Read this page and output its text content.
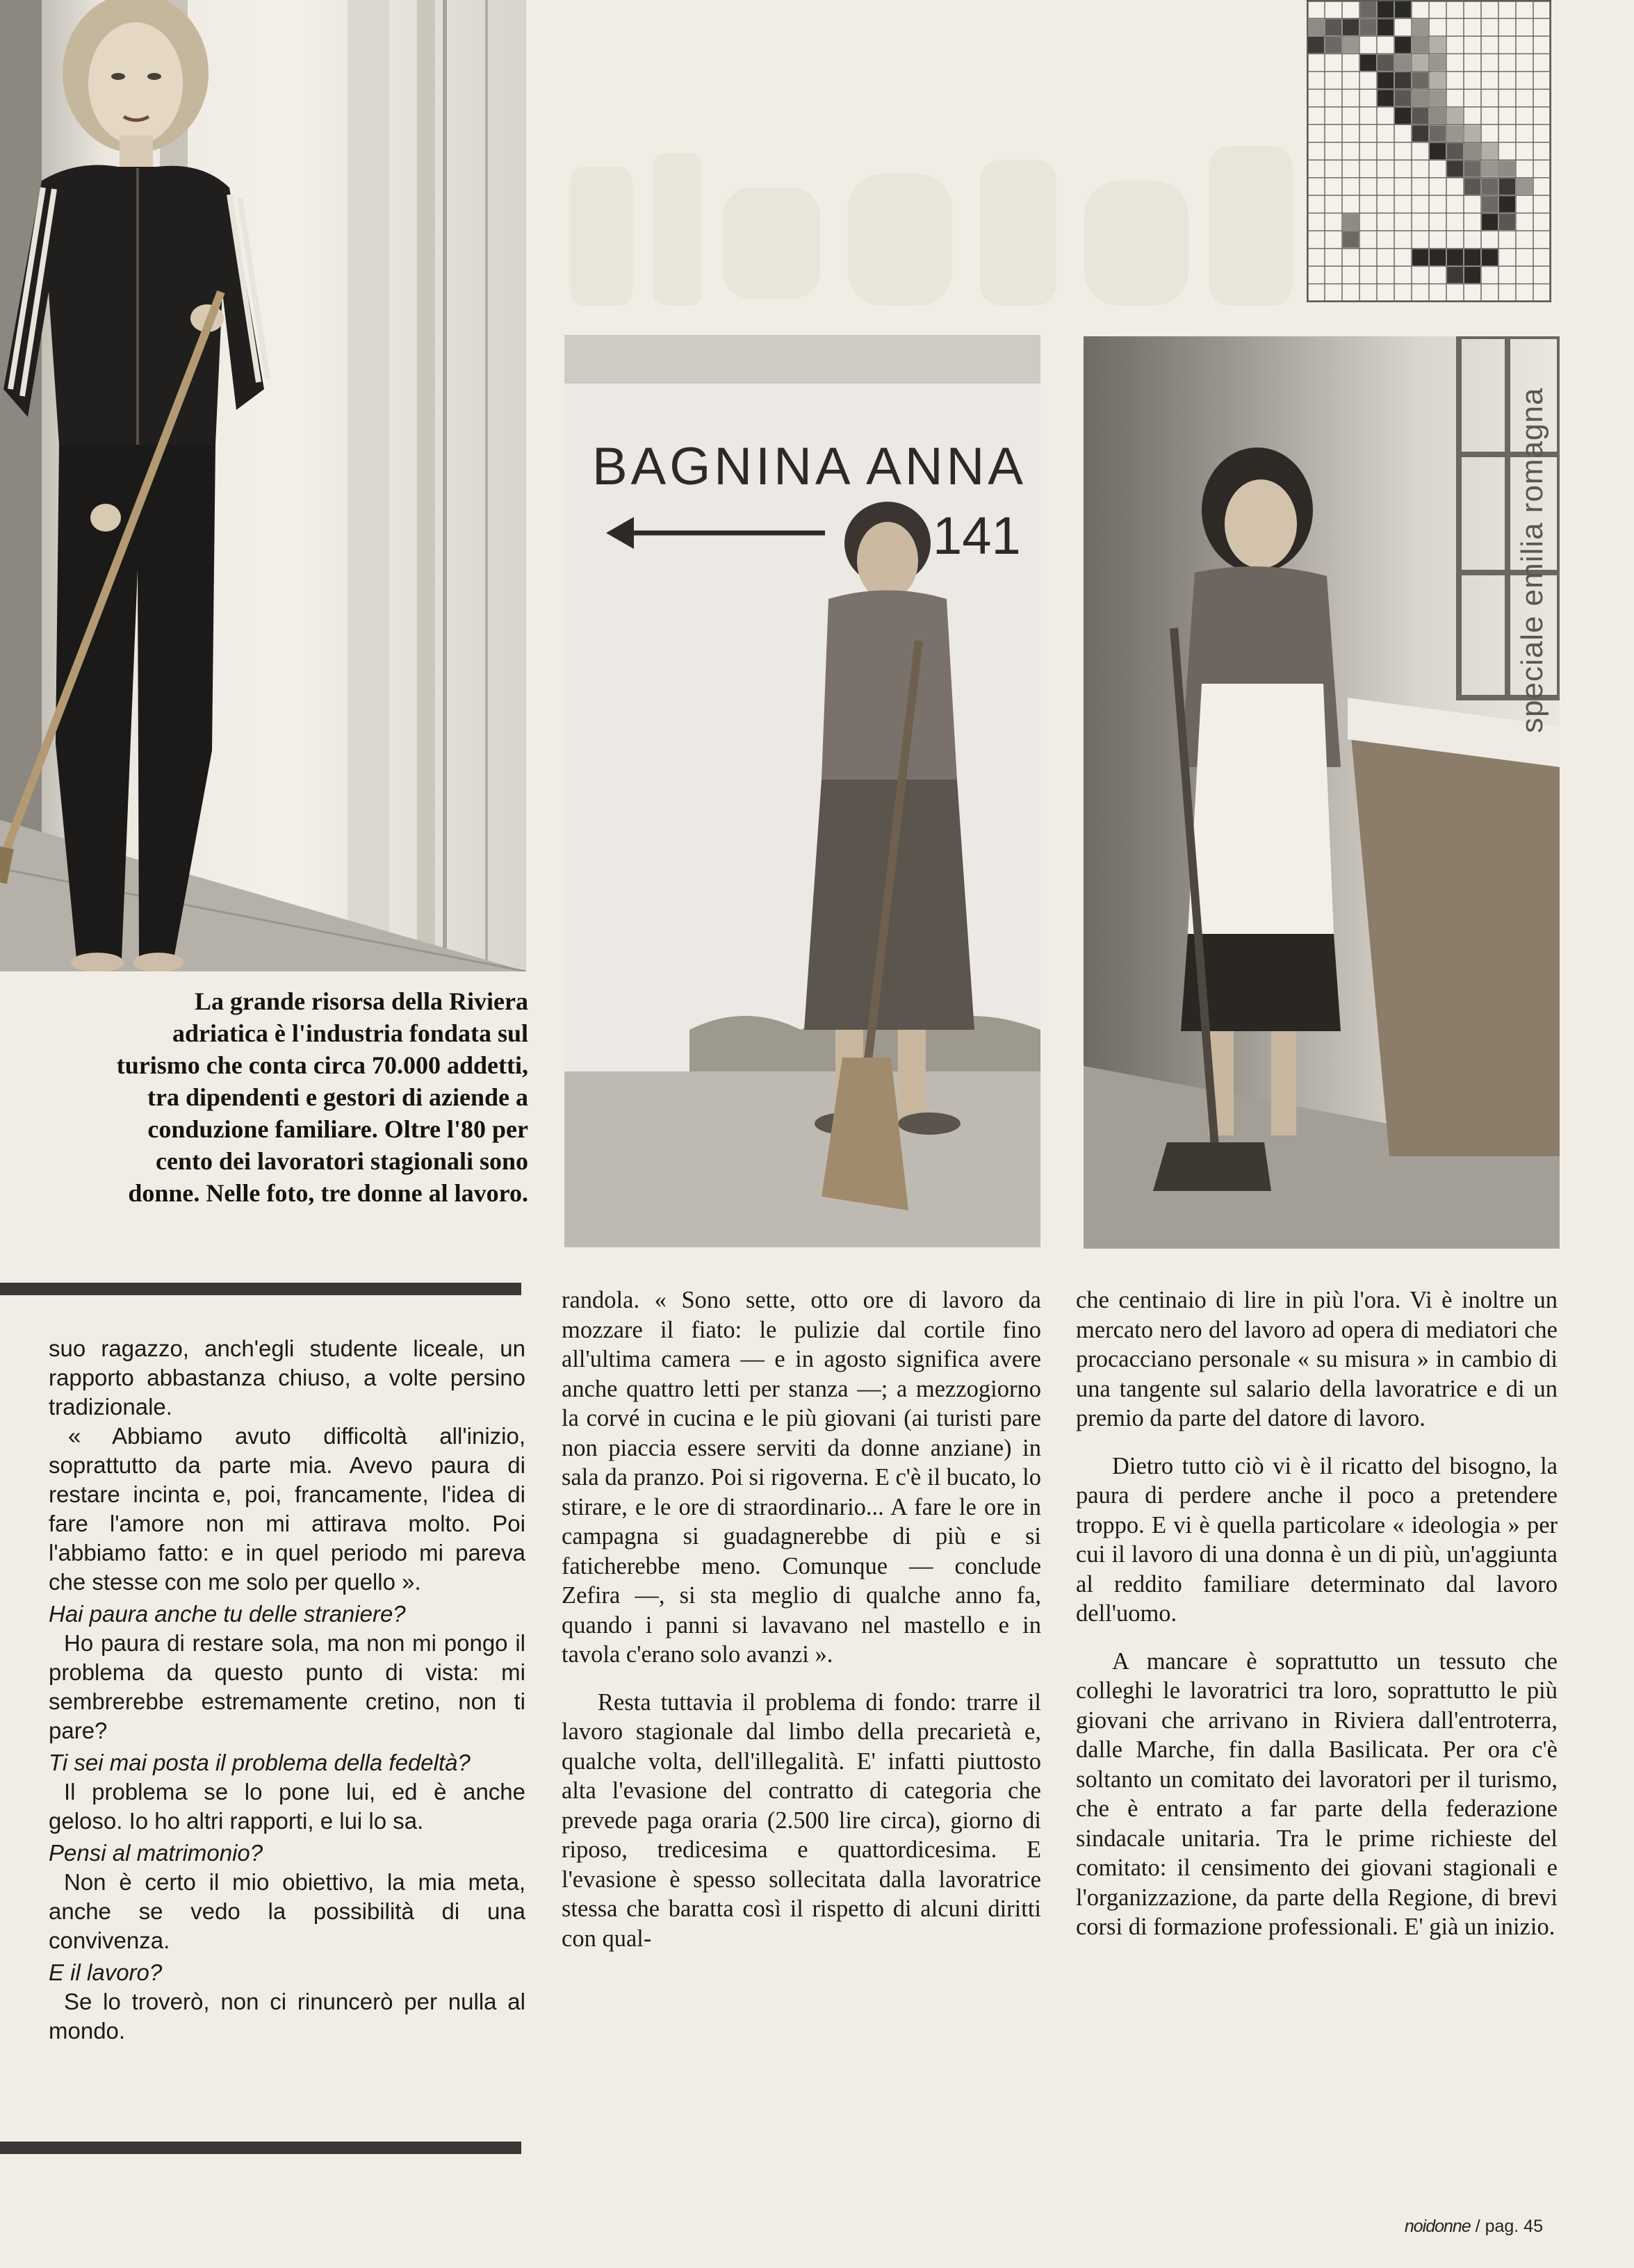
BAGNINA ANNA
141	speciale emilia romagna

La grande risorsa della Riviera adriatica è l'industria fondata sul turismo che conta circa 70.000 addetti, tra dipendenti e gestori di aziende a conduzione familiare. Oltre l'80 per cento dei lavoratori stagionali sono donne. Nelle foto, tre donne al lavoro.

suo ragazzo, anch'egli studente liceale, un rapporto abbastanza chiuso, a volte persino tradizionale.

« Abbiamo avuto difficoltà all'inizio, soprattutto da parte mia. Avevo paura di restare incinta e, poi, francamente, l'idea di fare l'amore non mi attirava molto. Poi l'abbiamo fatto: e in quel periodo mi pareva che stesse con me solo per quello ».

Hai paura anche tu delle straniere?

Ho paura di restare sola, ma non mi pongo il problema da questo punto di vista: mi sembrerebbe estremamente cretino, non ti pare?

Ti sei mai posta il problema della fedeltà?

Il problema se lo pone lui, ed è anche geloso. Io ho altri rapporti, e lui lo sa.

Pensi al matrimonio?

Non è certo il mio obiettivo, la mia meta, anche se vedo la possibilità di una convivenza.

E il lavoro?

Se lo troverò, non ci rinuncerò per nulla al mondo.

randola. « Sono sette, otto ore di lavoro da mozzare il fiato: le pulizie dal cortile fino all'ultima camera — e in agosto significa avere anche quattro letti per stanza —; a mezzogiorno la corvé in cucina e le più giovani (ai turisti pare non piaccia essere serviti da donne anziane) in sala da pranzo. Poi si rigoverna. E c'è il bucato, lo stirare, e le ore di straordinario... A fare le ore in campagna si guadagnerebbe di più e si faticherebbe meno. Comunque — conclude Zefira —, si sta meglio di qualche anno fa, quando i panni si lavavano nel mastello e in tavola c'erano solo avanzi ».

Resta tuttavia il problema di fondo: trarre il lavoro stagionale dal limbo della precarietà e, qualche volta, dell'illegalità. E' infatti piuttosto alta l'evasione del contratto di categoria che prevede paga oraria (2.500 lire circa), giorno di riposo, tredicesima e quattordicesima. E l'evasione è spesso sollecitata dalla lavoratrice stessa che baratta così il rispetto di alcuni diritti con qual-

che centinaio di lire in più l'ora. Vi è inoltre un mercato nero del lavoro ad opera di mediatori che procacciano personale « su misura » in cambio di una tangente sul salario della lavoratrice e di un premio da parte del datore di lavoro.

Dietro tutto ciò vi è il ricatto del bisogno, la paura di perdere anche il poco a pretendere troppo. E vi è quella particolare « ideologia » per cui il lavoro di una donna è un di più, un'aggiunta al reddito familiare determinato dal lavoro dell'uomo.

A mancare è soprattutto un tessuto che colleghi le lavoratrici tra loro, soprattutto le più giovani che arrivano in Riviera dall'entroterra, dalle Marche, fin dalla Basilicata. Per ora c'è soltanto un comitato dei lavoratori per il turismo, che è entrato a far parte della federazione sindacale unitaria. Tra le prime richieste del comitato: il censimento dei giovani stagionali e l'organizzazione, da parte della Regione, di brevi corsi di formazione professionali. E' già un inizio.

noidonne / pag. 45
